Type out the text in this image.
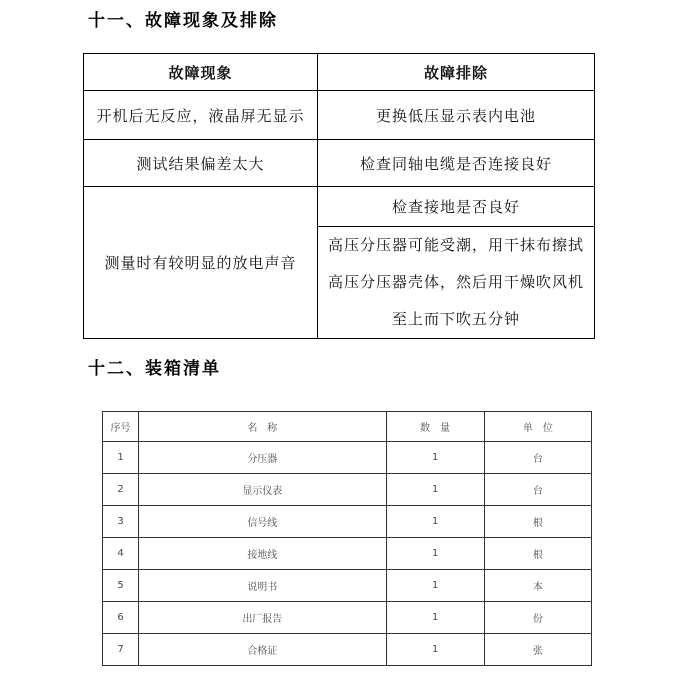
十一、故障现象及排除
故障现象	故障排除
开机后无反应，液晶屏无显示	更换低压显示表内电池
测试结果偏差太大	检查同轴电缆是否连接良好
测量时有较明显的放电声音	检查接地是否良好

	高压分压器可能受潮，用干抹布擦拭
高压分压器壳体，然后用干燥吹风机
至上而下吹五分钟
十二、装箱清单
序号	名　称	数　量	单　位
1	分压器	1	台
2	显示仪表	1	台
3	信号线	1	根
4	接地线	1	根
5	说明书	1	本
6	出厂报告	1	份
7	合格证	1	张
